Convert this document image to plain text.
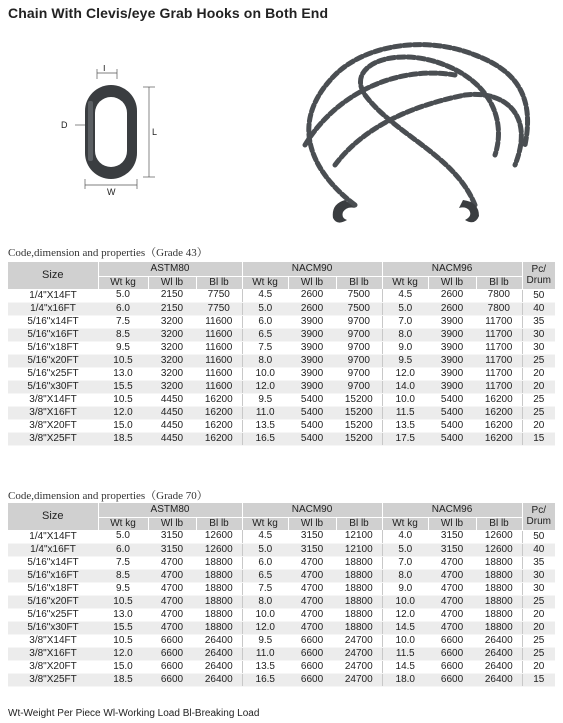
Chain With Clevis/eye Grab Hooks on Both End
I
D
L
W
Code,dimension and properties（Grade 43）
Size	ASTM80			NACM90			NACM96			Pc/ Drum
	Wt kg	Wl lb	Bl lb	Wt kg	Wl lb	Bl lb	Wt kg	Wl lb	Bl lb	
1/4"X14FT	5.0	2150	7750	4.5	2600	7500	4.5	2600	7800	50
1/4"x16FT	6.0	2150	7750	5.0	2600	7500	5.0	2600	7800	40
5/16"x14FT	7.5	3200	11600	6.0	3900	9700	7.0	3900	11700	35
5/16"x16FT	8.5	3200	11600	6.5	3900	9700	8.0	3900	11700	30
5/16"x18FT	9.5	3200	11600	7.5	3900	9700	9.0	3900	11700	30
5/16"x20FT	10.5	3200	11600	8.0	3900	9700	9.5	3900	11700	25
5/16"x25FT	13.0	3200	11600	10.0	3900	9700	12.0	3900	11700	20
5/16"x30FT	15.5	3200	11600	12.0	3900	9700	14.0	3900	11700	20
3/8"X14FT	10.5	4450	16200	9.5	5400	15200	10.0	5400	16200	25
3/8"X16FT	12.0	4450	16200	11.0	5400	15200	11.5	5400	16200	25
3/8"X20FT	15.0	4450	16200	13.5	5400	15200	13.5	5400	16200	20
3/8"X25FT	18.5	4450	16200	16.5	5400	15200	17.5	5400	16200	15
Code,dimension and properties（Grade 70）
Size	ASTM80			NACM90			NACM96			Pc/ Drum
	Wt kg	Wl lb	Bl lb	Wt kg	Wl lb	Bl lb	Wt kg	Wl lb	Bl lb	
1/4"X14FT	5.0	3150	12600	4.5	3150	12100	4.0	3150	12600	50
1/4"x16FT	6.0	3150	12600	5.0	3150	12100	5.0	3150	12600	40
5/16"x14FT	7.5	4700	18800	6.0	4700	18800	7.0	4700	18800	35
5/16"x16FT	8.5	4700	18800	6.5	4700	18800	8.0	4700	18800	30
5/16"x18FT	9.5	4700	18800	7.5	4700	18800	9.0	4700	18800	30
5/16"x20FT	10.5	4700	18800	8.0	4700	18800	10.0	4700	18800	25
5/16"x25FT	13.0	4700	18800	10.0	4700	18800	12.0	4700	18800	20
5/16"x30FT	15.5	4700	18800	12.0	4700	18800	14.5	4700	18800	20
3/8"X14FT	10.5	6600	26400	9.5	6600	24700	10.0	6600	26400	25
3/8"X16FT	12.0	6600	26400	11.0	6600	24700	11.5	6600	26400	25
3/8"X20FT	15.0	6600	26400	13.5	6600	24700	14.5	6600	26400	20
3/8"X25FT	18.5	6600	26400	16.5	6600	24700	18.0	6600	26400	15
Wt-Weight Per Piece Wl-Working Load Bl-Breaking Load
